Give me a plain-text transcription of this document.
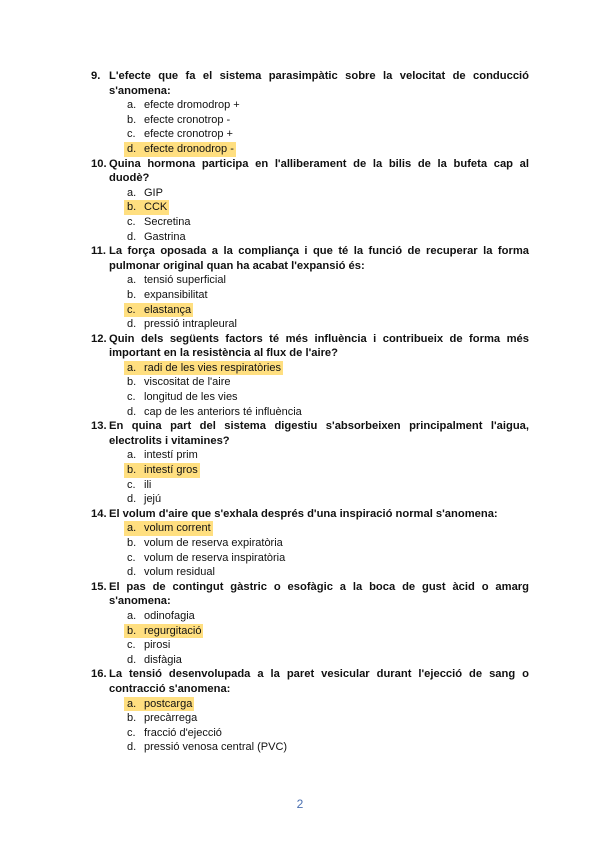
9. L'efecte que fa el sistema parasimpàtic sobre la velocitat de conducció s'anomena:
a. efecte dromodrop +
b. efecte cronotrop -
c. efecte cronotrop +
d. efecte dronodrop -
10. Quina hormona participa en l'alliberament de la bilis de la bufeta cap al duodè?
a. GIP
b. CCK
c. Secretina
d. Gastrina
11. La força oposada a la complianꞔa i que té la funció de recuperar la forma pulmonar original quan ha acabat l'expansió és:
a. tensió superficial
b. expansibilitat
c. elastança
d. pressió intrapleural
12. Quin dels següents factors té més influència i contribueix de forma més important en la resistència al flux de l'aire?
a. radi de les vies respiratòries
b. viscositat de l'aire
c. longitud de les vies
d. cap de les anteriors té influència
13. En quina part del sistema digestiu s'absorbeixen principalment l'aigua, electrolits i vitamines?
a. intestí prim
b. intestí gros
c. ili
d. jejú
14. El volum d'aire que s'exhala després d'una inspiració normal s'anomena:
a. volum corrent
b. volum de reserva expiratòria
c. volum de reserva inspiratòria
d. volum residual
15. El pas de contingut gàstric o esofàgic a la boca de gust àcid o amarg s'anomena:
a. odinofagia
b. regurgitació
c. pirosi
d. disfàgia
16. La tensió desenvolupada a la paret vesicular durant l'ejecció de sang o contracció s'anomena:
a. postcarga
b. precàrrega
c. fracció d'ejecció
d. pressió venosa central (PVC)
2
